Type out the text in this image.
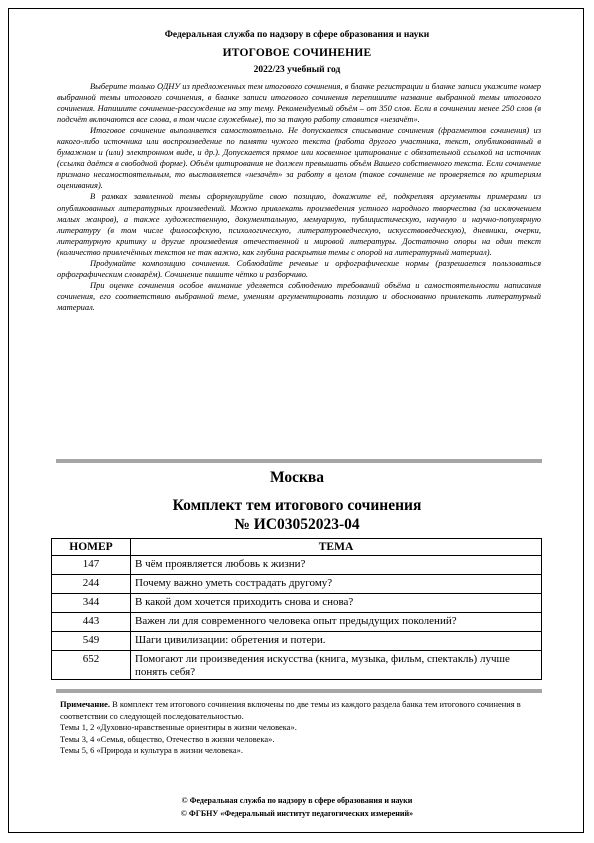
Федеральная служба по надзору в сфере образования и науки
ИТОГОВОЕ СОЧИНЕНИЕ
2022/23 учебный год

Выберите только ОДНУ из предложенных тем итогового сочинения, в бланке регистрации и бланке записи укажите номер выбранной темы итогового сочинения, в бланке записи итогового сочинения перепишите название выбранной темы итогового сочинения. Напишите сочинение-рассуждение на эту тему. Рекомендуемый объём – от 350 слов. Если в сочинении менее 250 слов (в подсчёт включаются все слова, в том числе служебные), то за такую работу ставится «незачёт».

Итоговое сочинение выполняется самостоятельно. Не допускается списывание сочинения (фрагментов сочинения) из какого-либо источника или воспроизведение по памяти чужого текста (работа другого участника, текст, опубликованный в бумажном и (или) электронном виде, и др.). Допускается прямое или косвенное цитирование с обязательной ссылкой на источник (ссылка даётся в свободной форме). Объём цитирования не должен превышать объём Вашего собственного текста. Если сочинение признано несамостоятельным, то выставляется «незачёт» за работу в целом (такое сочинение не проверяется по критериям оценивания).

В рамках заявленной темы сформулируйте свою позицию, докажите её, подкрепляя аргументы примерами из опубликованных литературных произведений. Можно привлекать произведения устного народного творчества (за исключением малых жанров), а также художественную, документальную, мемуарную, публицистическую, научную и научно-популярную литературу (в том числе философскую, психологическую, литературоведческую, искусствоведческую), дневники, очерки, литературную критику и другие произведения отечественной и мировой литературы. Достаточно опоры на один текст (количество привлечённых текстов не так важно, как глубина раскрытия темы с опорой на литературный материал).

Продумайте композицию сочинения. Соблюдайте речевые и орфографические нормы (разрешается пользоваться орфографическим словарём). Сочинение пишите чётко и разборчиво.

При оценке сочинения особое внимание уделяется соблюдению требований объёма и самостоятельности написания сочинения, его соответствию выбранной теме, умениям аргументировать позицию и обоснованно привлекать литературный материал.

Москва
Комплект тем итогового сочинения
№ ИС03052023-04
НОМЕР	ТЕМА
147	В чём проявляется любовь к жизни?
244	Почему важно уметь сострадать другому?
344	В какой дом хочется приходить снова и снова?
443	Важен ли для современного человека опыт предыдущих поколений?
549	Шаги цивилизации: обретения и потери.
652	Помогают ли произведения искусства (книга, музыка, фильм, спектакль) лучше понять себя?

Примечание. В комплект тем итогового сочинения включены по две темы из каждого раздела банка тем итогового сочинения в соответствии со следующей последовательностью.

Темы 1, 2 «Духовно-нравственные ориентиры в жизни человека».

Темы 3, 4 «Семья, общество, Отечество в жизни человека».

Темы 5, 6 «Природа и культура в жизни человека».

© Федеральная служба по надзору в сфере образования и науки
© ФГБНУ «Федеральный институт педагогических измерений»
